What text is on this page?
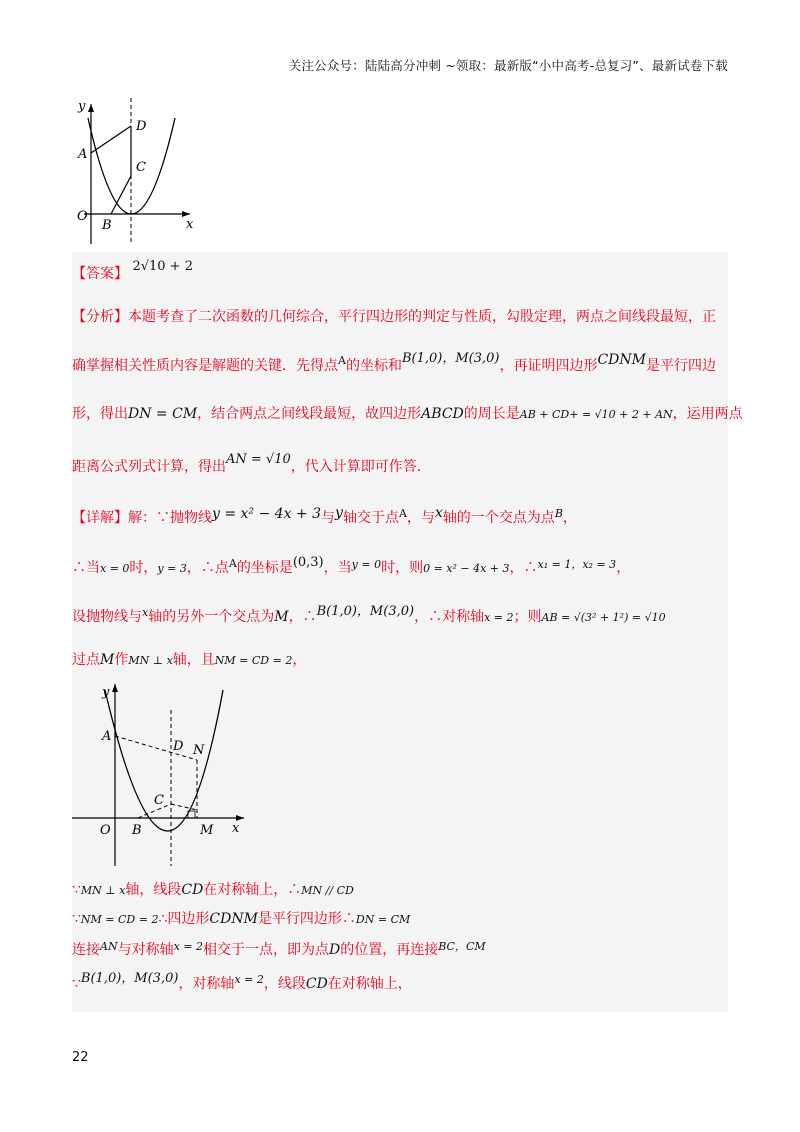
关注公众号：陆陆高分冲刺 ~领取：最新版“小中高考-总复习”、最新试卷下载
y
x
O
A
B
C
D
【答案】 2√10 + 2
【分析】本题考查了二次函数的几何综合，平行四边形的判定与性质，勾股定理，两点之间线段最短，正
确掌握相关性质内容是解题的关键．先得点$^A$的坐标和B(1,0)，M(3,0)，再证明四边形CDNM是平行四边
形，得出DN = CM，结合两点之间线段最短，故四边形ABCD的周长是AB + CD+ = √10 + 2 + AN，运用两点
距离公式列式计算，得出AN = √10，代入计算即可作答．
【详解】解：∵抛物线y = x² − 4x + 3与y轴交于点$^A$，与x轴的一个交点为点$^B$，
∴当x = 0时，y = 3，∴点$^A$的坐标是(0,3)，当$^{y = 0}$时，则0 = x² − 4x + 3，∴$^{x_1 = 1,x_2 = 3}$，
设抛物线与$^x$轴的另外一个交点为M，∴B(1,0)，M(3,0)，∴对称轴x = 2；则AB = √(3² + 1²) = √10
过点M作MN ⊥ x轴，且NM = CD = 2，
y
x
O
A
B
C
D N
M
∵MN ⊥ x轴，线段CD在对称轴上，∴MN // CD
∵NM = CD = 2∴四边形CDNM是平行四边形∴DN = CM
连接$^{AN}$与对称轴$^{x = 2}$相交于一点，即为点D的位置，再连接$^{BC,CM}$
∵B(1,0)，M(3,0)，对称轴$^{x = 2}$，线段CD在对称轴上，
22
